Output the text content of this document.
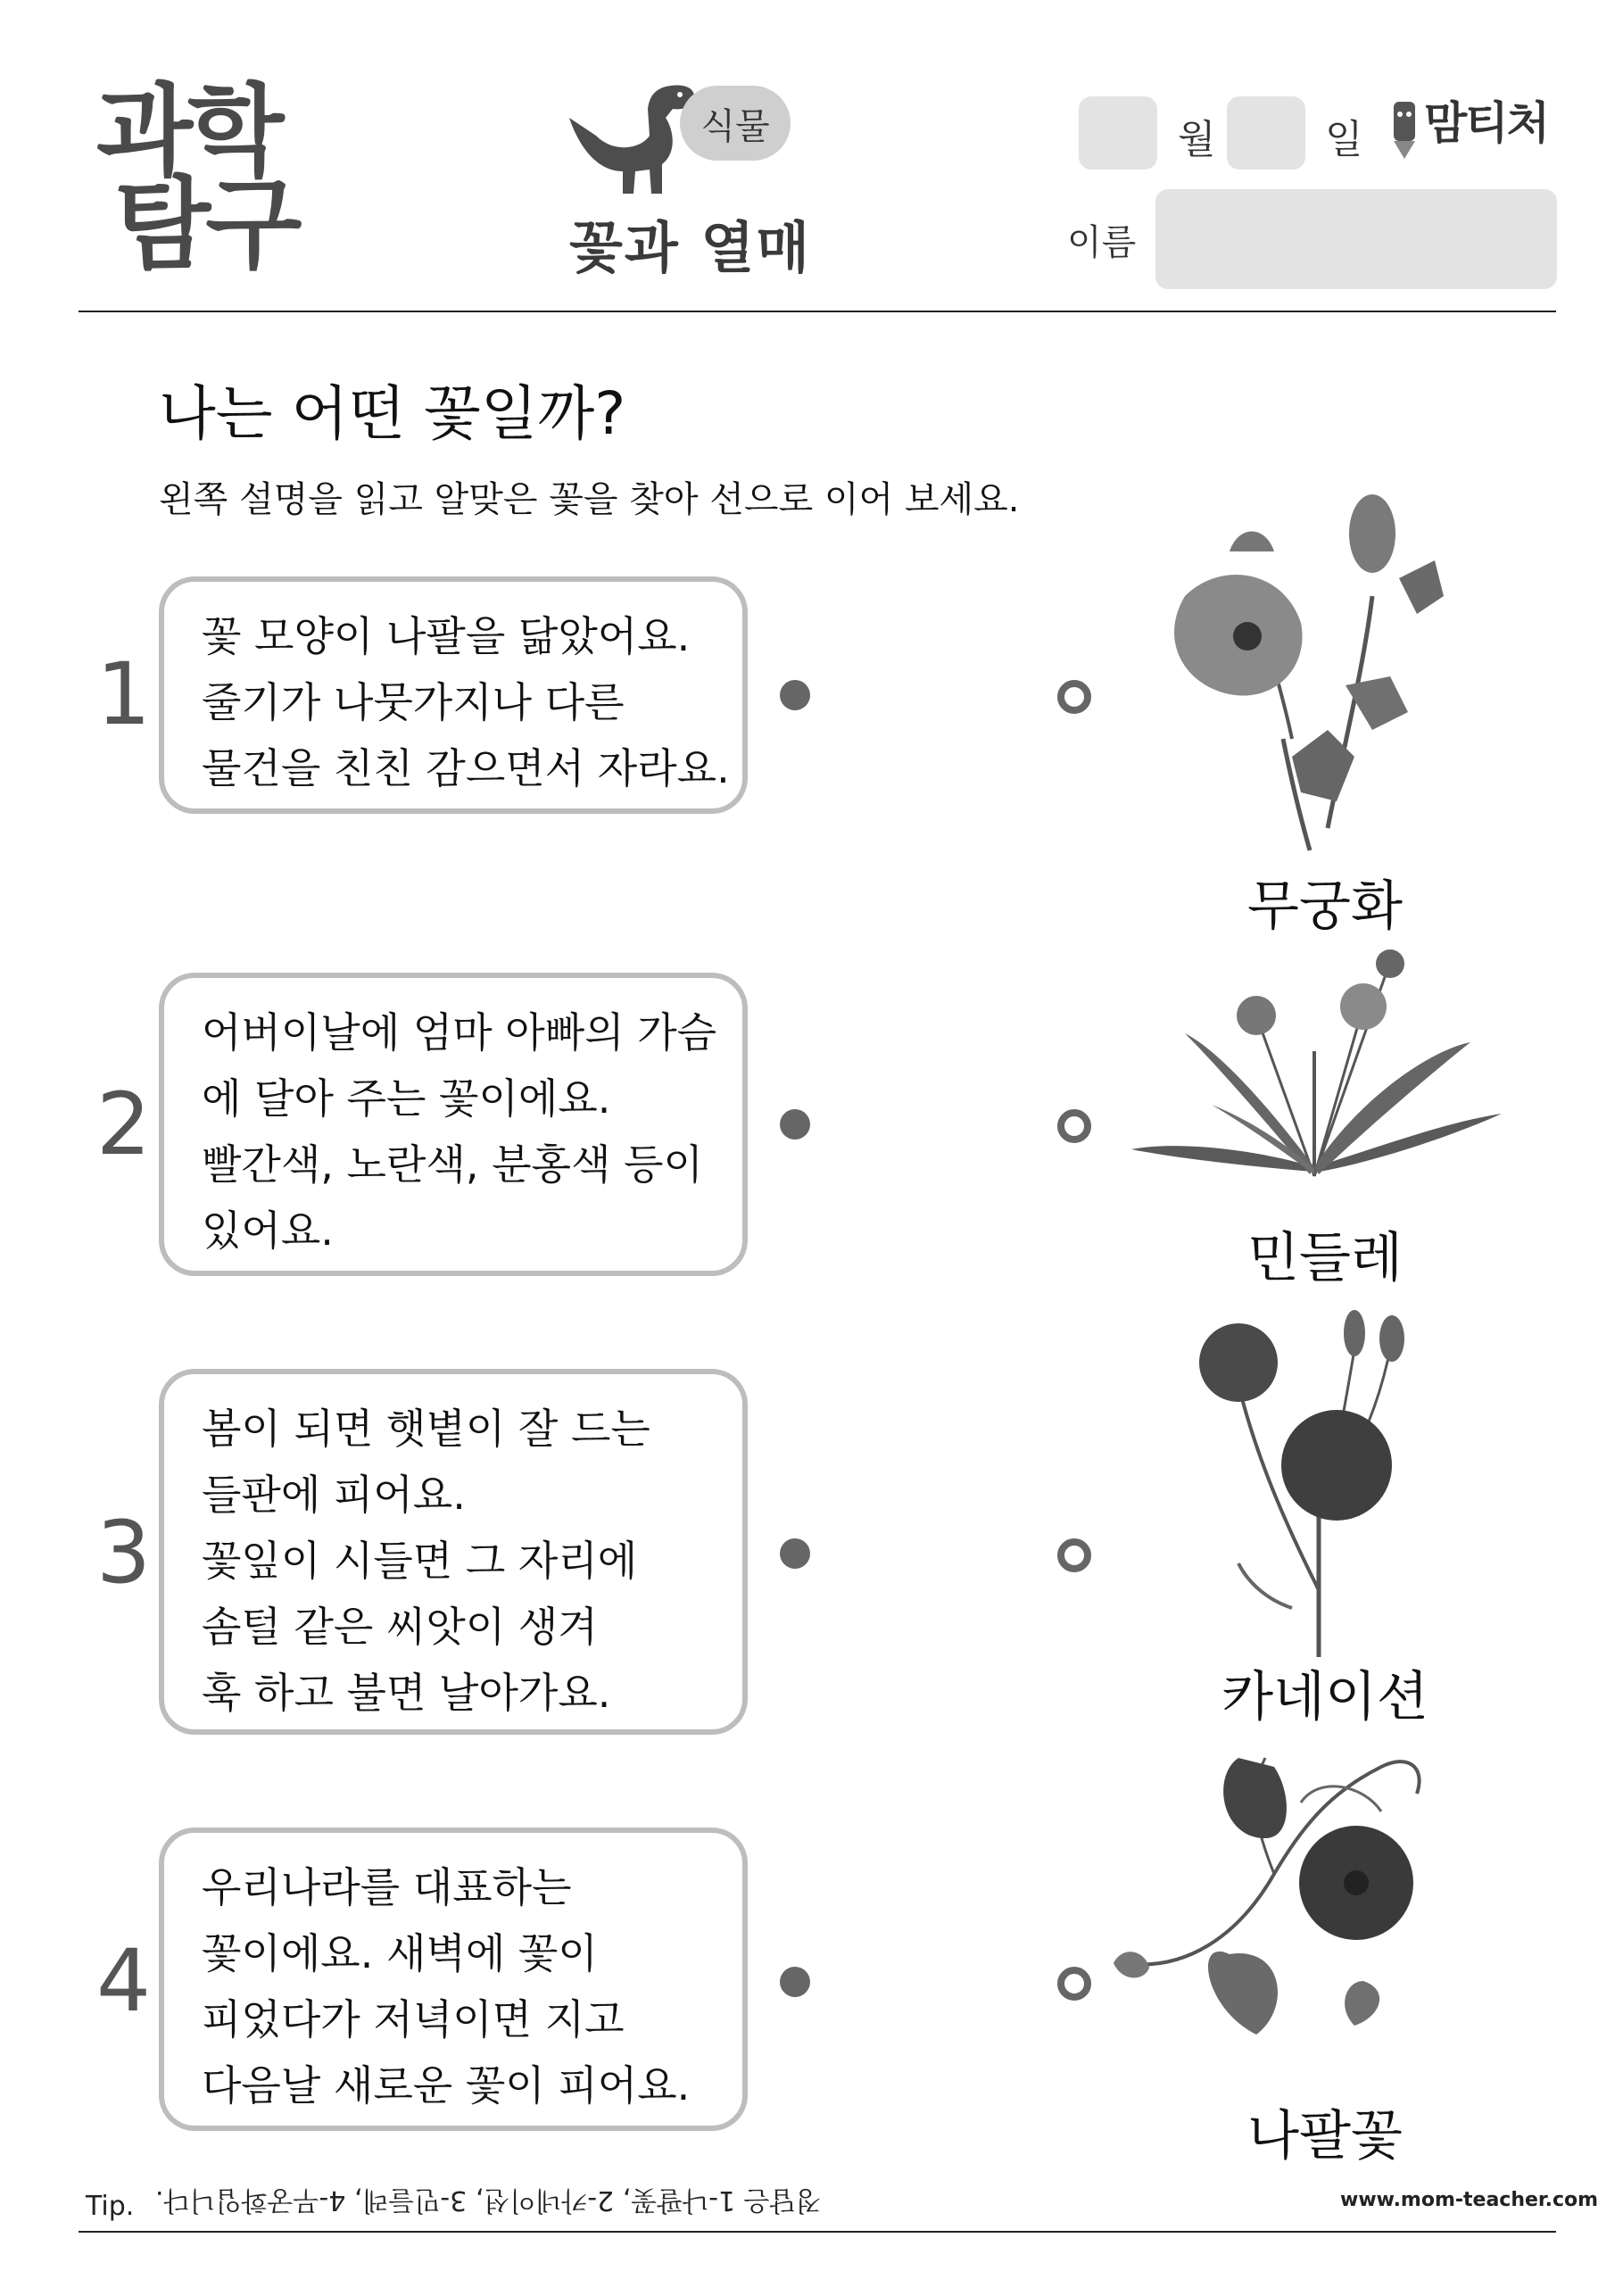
과학
탐구
식물
꽃과 열매
월	일 맘티처
이름
나는 어떤 꽃일까?
왼쪽 설명을 읽고 알맞은 꽃을 찾아 선으로 이어 보세요.
1
꽃 모양이 나팔을 닮았어요.
줄기가 나뭇가지나 다른
물건을 친친 감으면서 자라요.
무궁화
2
어버이날에 엄마 아빠의 가슴
에 달아 주는 꽃이에요.
빨간색, 노란색, 분홍색 등이
있어요.	민들레
3
봄이 되면 햇볕이 잘 드는
들판에 피어요.
꽃잎이 시들면 그 자리에
솜털 같은 씨앗이 생겨
훅 하고 불면 날아가요.	카네이션
4
우리나라를 대표하는
꽃이에요. 새벽에 꽃이
피었다가 저녁이면 지고
다음날 새로운 꽃이 피어요.
나팔꽃
Tip. 정답은 1-나팔꽃, 2-카네이션, 3-민들레, 4-무궁화입니다.	www.mom-teacher.com
